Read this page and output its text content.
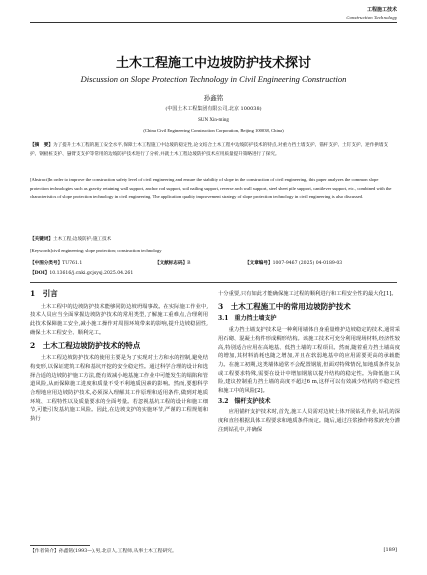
工程施工技术
Construction Technology
土木工程施工中边坡防护技术探讨
Discussion on Slope Protection Technology in Civil Engineering Construction
孙鑫铭
(中国土木工程集团有限公司,北京 100038)
SUN Xin-ming
(China Civil Engineering Construction Corporation, Beijing 100038, China)
【摘　要】为了提升土木工程的施工安全水平,保障土木工程施工中边坡的稳定性,论文结合土木工程中边坡防护技术的特点,对重力挡土墙支护、锚杆支护、土钉支护、逆作拱墙支护、钢板桩支护、悬臂支支护等常用的边坡防护技术进行了分析,并就土木工程边坡防护技术应用质量提升策略进行了探究。
[Abstract]In order to improve the construction safety level of civil engineering and ensure the stability of slope in the construction of civil engineering, this paper analyzes the common slope protection technologies such as gravity retaining wall support, anchor rod support, soil nailing support, reverse arch wall support, steel sheet pile support, cantilever support, etc., combined with the characteristics of slope protection technology in civil engineering. The application quality improvement strategy of slope protection technology in civil engineering is also discussed.
【关键词】土木工程;边坡防护;施工技术
[Keywords]civil engineering; slope protection; construction technology
【中图分类号】TU761.1	【文献标志码】B	【文章编号】1007-9467 (2025) 04-0189-03
【DOI】10.13616/j.cnki.gcjsysj.2025.04.261
1　引言
土木工程中的边坡防护技术能够同防边坡坍塌事故。在实际施工作业中,技术人员应当全面掌握边坡防护技术的常用类型,了解施工重难点,合理利用此技术保障施工安全,减小施工操作对周围环境带来的影响,提升边坡稳固性,确保土木工程安全、顺利完工。
2　土木工程边坡防护技术的特点
土木工程边坡防护技术的使用主要是为了实现对土方和水的控制,避免结构变形,以保证建筑工程和基坑开挖的安全稳定性。通过科学合理的设计和选择合适的边坡防护施工方法,能有效减小地基施工作业中可能发生的塌陷和管道风险,从而保障施工进度和质量不受不利地质因素的影响。然而,要想科学合理地应用边坡防护技术,必须深入理解其工作原理和适用条件,做到对地质环境、工程特性以及质量要求的全面考量。若忽视基坑工程的设计和施工细节,可能引发基坑施工风险。因此,在边坡支护的实施环节,严谨的工程规划和执行
十分重要,只有如此才能确保施工过程的顺利进行和工程安全性的最大化[1]。
3　土木工程施工中的常用边坡防护技术
3.1　重力挡土墙支护
重力挡土墙支护技术是一种利用墙体自身重量维护边坡稳定的技术,通常采用石砌、混凝土构件形成稠形结构。该施工技术可充分利用现场材料,经济性较高,特别适合应用在高地基、低挡土墙的工程项目。然而,随着重力挡土墙高度的增加,其材料消耗也随之增加,并且在软弱地基中的应用需要更高的承载能力。在施工初期,这类墙体通常不会配置钢筋,但面对特殊情况,如地质条件复杂或工程要求特殊,需要在设计中增加钢筋以提升结构的稳定性。为降低施工风险,建议控制重力挡土墙的高度不超过6 m,这样可以有效减少结构的不稳定性和施工中的风险[2]。
3.2　锚杆支护技术
应用锚杆支护技术时,首先,施工人员需对边坡土体开展钻孔作业,钻孔的深度和直径根据具体工程要求和地质条件而定。随后,通过注浆操作将浆液充分灌注到钻孔中,并确保
【作者简介】孙鑫铭(1993—),男,北京人,工程师,从事土木工程研究。	[189]
